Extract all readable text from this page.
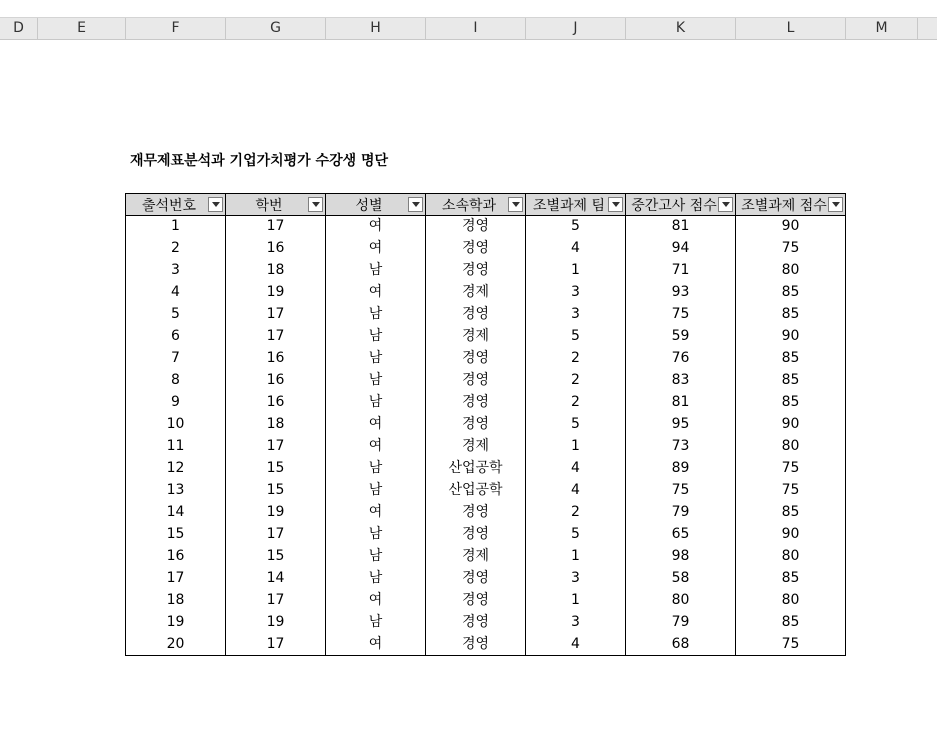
D	E	F	G	H	I	J	K	L	M
재무제표분석과 기업가치평가 수강생 명단
출석번호	학번	성별	소속학과	조별과제 팀	중간고사 점수	조별과제 점수

1	17	여	경영	5	81	90
2	16	여	경영	4	94	75
3	18	남	경영	1	71	80
4	19	여	경제	3	93	85
5	17	남	경영	3	75	85
6	17	남	경제	5	59	90
7	16	남	경영	2	76	85
8	16	남	경영	2	83	85
9	16	남	경영	2	81	85
10	18	여	경영	5	95	90
11	17	여	경제	1	73	80
12	15	남	산업공학	4	89	75
13	15	남	산업공학	4	75	75
14	19	여	경영	2	79	85
15	17	남	경영	5	65	90
16	15	남	경제	1	98	80
17	14	남	경영	3	58	85
18	17	여	경영	1	80	80
19	19	남	경영	3	79	85
20	17	여	경영	4	68	75
